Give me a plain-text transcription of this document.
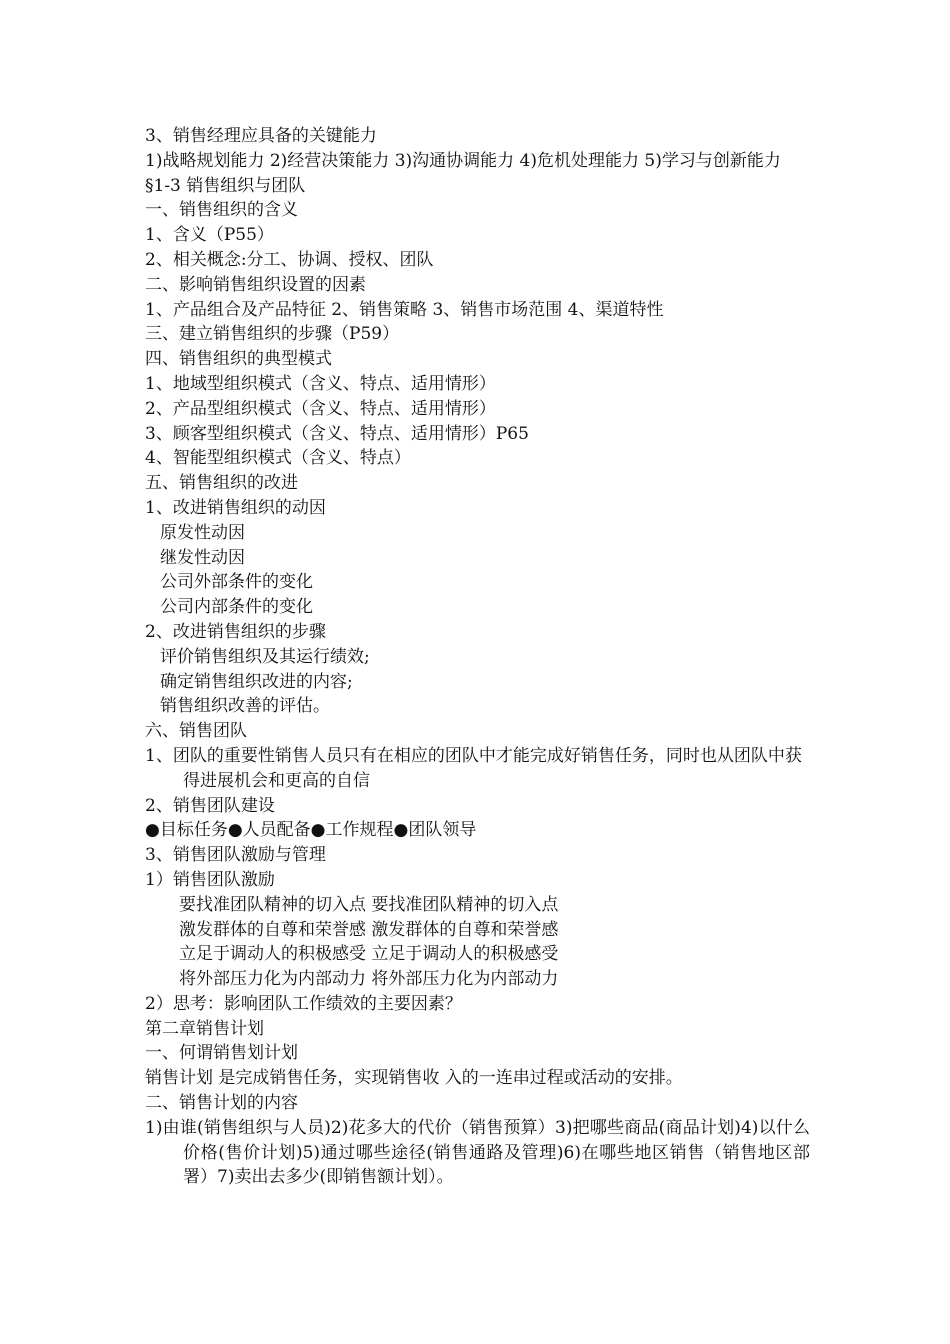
3、销售经理应具备的关键能力
1)战略规划能力 2)经营决策能力 3)沟通协调能力 4)危机处理能力 5)学习与创新能力
§1-3 销售组织与团队
一、销售组织的含义
1、含义（P55）
2、相关概念:分工、协调、授权、团队
二、影响销售组织设置的因素
1、产品组合及产品特征 2、销售策略 3、销售市场范围 4、渠道特性
三、建立销售组织的步骤（P59）
四、销售组织的典型模式
1、地域型组织模式（含义、特点、适用情形）
2、产品型组织模式（含义、特点、适用情形）
3、顾客型组织模式（含义、特点、适用情形）P65
4、智能型组织模式（含义、特点）
五、销售组织的改进
1、改进销售组织的动因
原发性动因
继发性动因
公司外部条件的变化
公司内部条件的变化
2、改进销售组织的步骤
评价销售组织及其运行绩效;
确定销售组织改进的内容;
销售组织改善的评估。
六、销售团队
1、团队的重要性销售人员只有在相应的团队中才能完成好销售任务，同时也从团队中获得进展机会和更高的自信
2、销售团队建设
●目标任务●人员配备●工作规程●团队领导
3、销售团队激励与管理
1）销售团队激励
要找准团队精神的切入点 要找准团队精神的切入点
激发群体的自尊和荣誉感 激发群体的自尊和荣誉感
立足于调动人的积极感受 立足于调动人的积极感受
将外部压力化为内部动力 将外部压力化为内部动力
2）思考：影响团队工作绩效的主要因素？
第二章销售计划
一、何谓销售划计划
销售计划 是完成销售任务，实现销售收 入的一连串过程或活动的安排。
二、销售计划的内容
1)由谁(销售组织与人员)2)花多大的代价（销售预算）3)把哪些商品(商品计划)4)以什么价格(售价计划)5)通过哪些途径(销售通路及管理)6)在哪些地区销售（销售地区部署）7)卖出去多少(即销售额计划）。
